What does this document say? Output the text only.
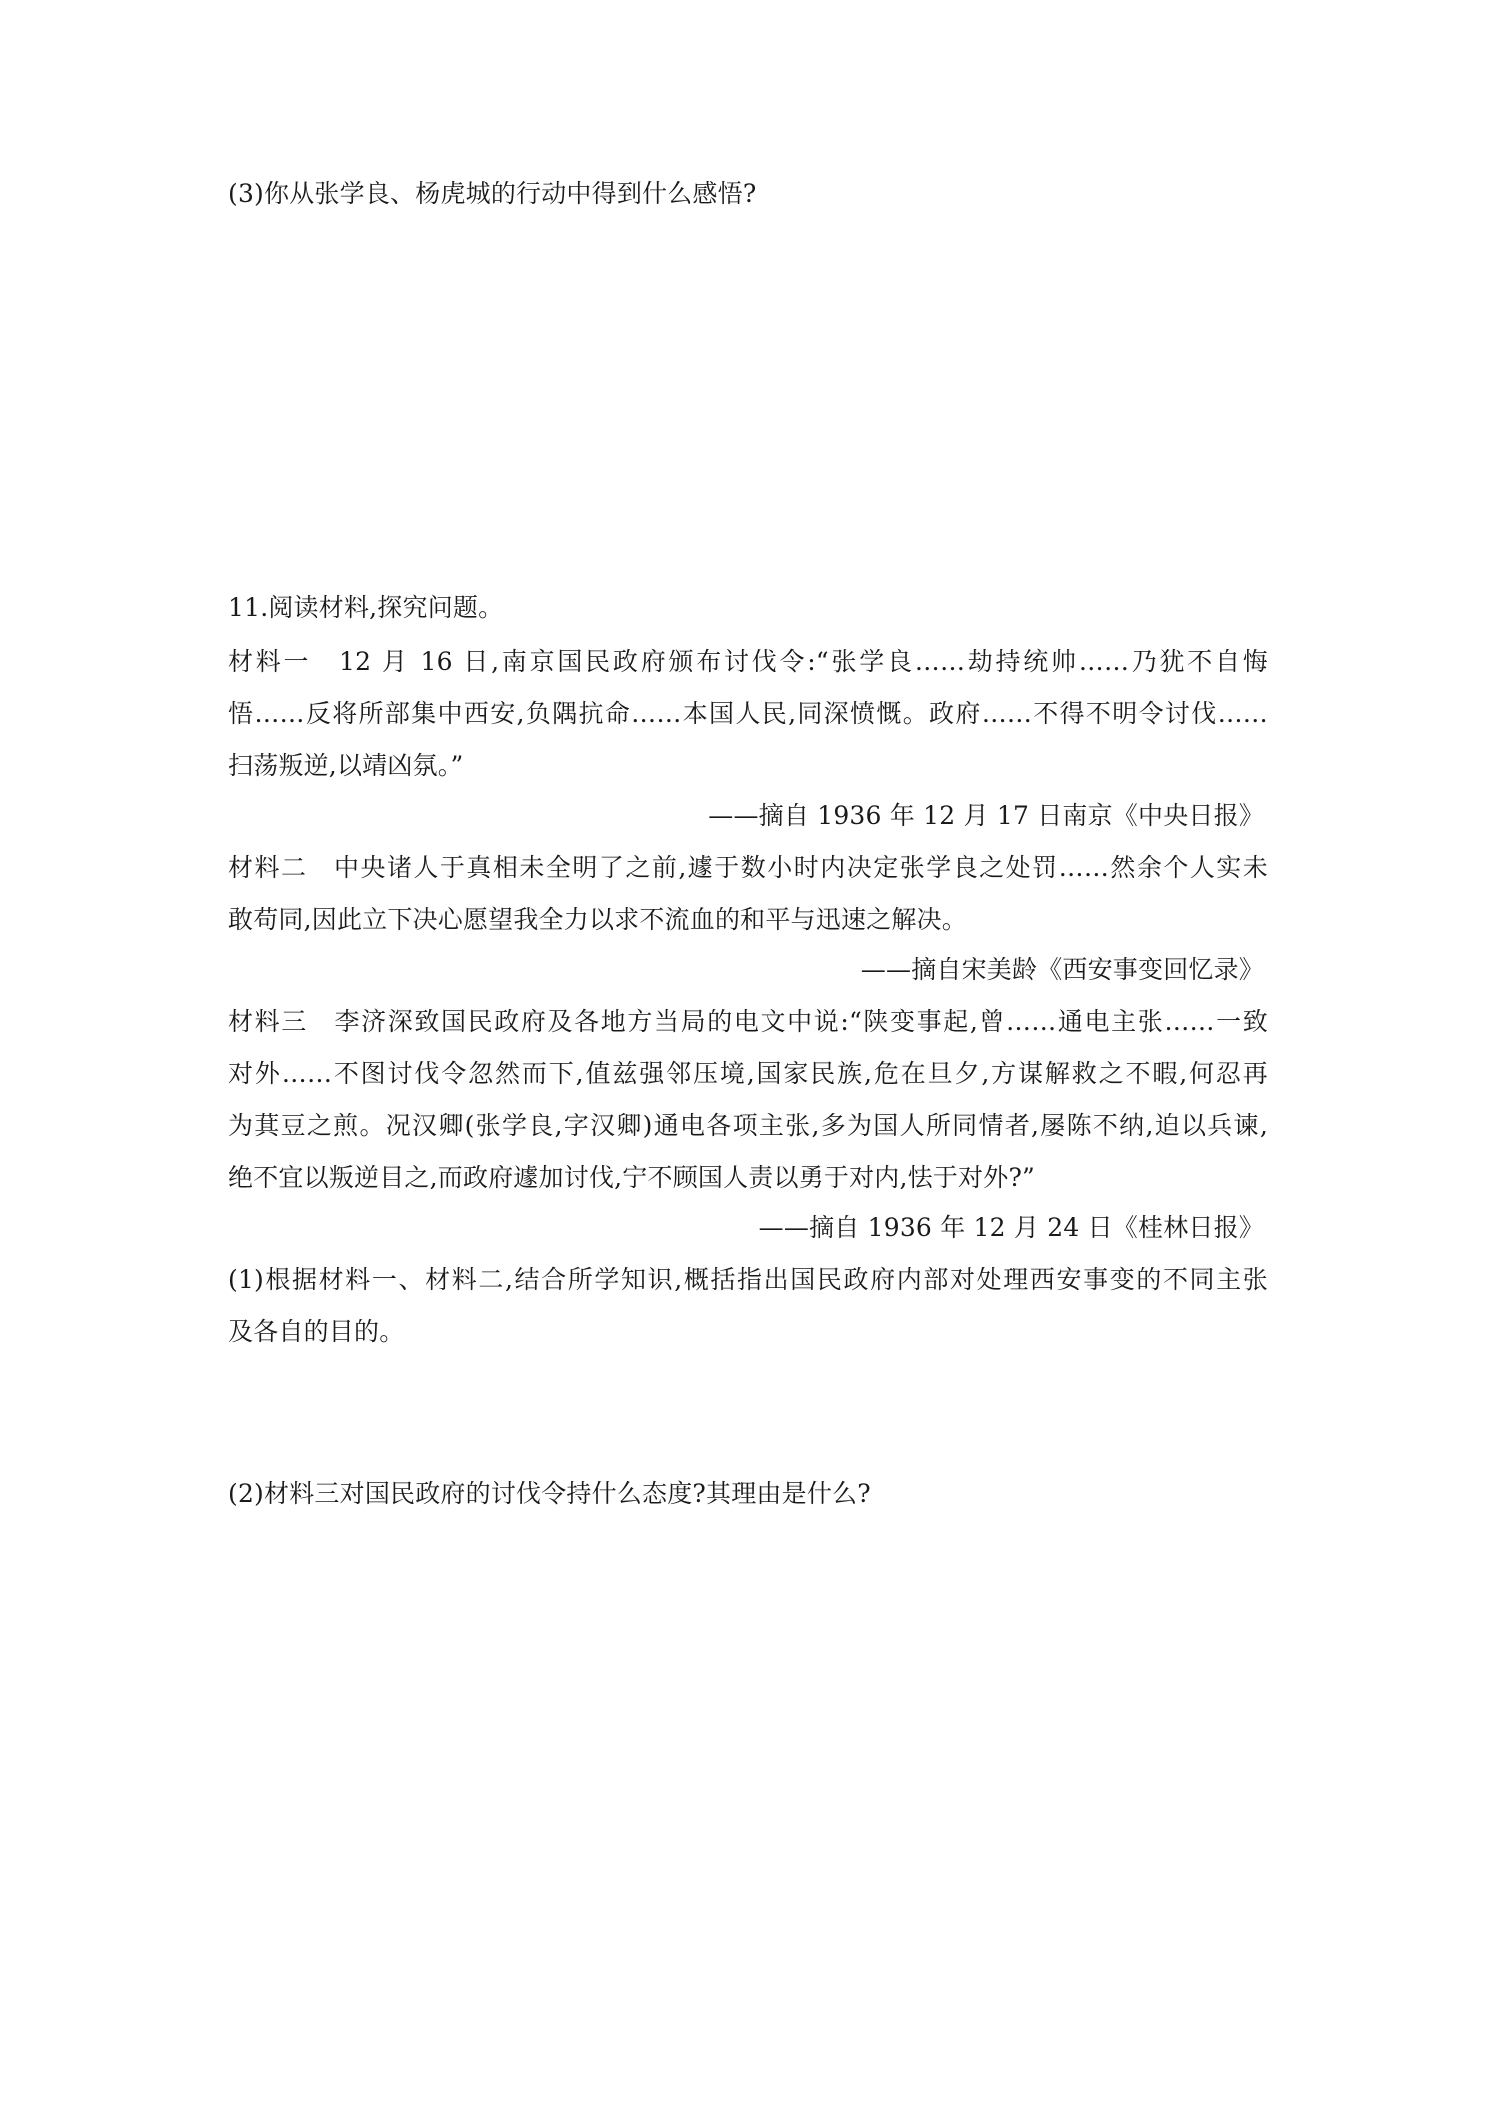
(3)你从张学良、杨虎城的行动中得到什么感悟?
11.阅读材料,探究问题。
材料一　12 月 16 日,南京国民政府颁布讨伐令:“张学良……劫持统帅……乃犹不自悔
悟……反将所部集中西安,负隅抗命……本国人民,同深愤慨。政府……不得不明令讨伐……
扫荡叛逆,以靖凶氛。”
——摘自 1936 年 12 月 17 日南京《中央日报》
材料二　中央诸人于真相未全明了之前,遽于数小时内决定张学良之处罚……然余个人实未
敢苟同,因此立下决心愿望我全力以求不流血的和平与迅速之解决。
——摘自宋美龄《西安事变回忆录》
材料三　李济深致国民政府及各地方当局的电文中说:“陕变事起,曾……通电主张……一致
对外……不图讨伐令忽然而下,值兹强邻压境,国家民族,危在旦夕,方谋解救之不暇,何忍再
为萁豆之煎。况汉卿(张学良,字汉卿)通电各项主张,多为国人所同情者,屡陈不纳,迫以兵谏,
绝不宜以叛逆目之,而政府遽加讨伐,宁不顾国人责以勇于对内,怯于对外?”
——摘自 1936 年 12 月 24 日《桂林日报》
(1)根据材料一、材料二,结合所学知识,概括指出国民政府内部对处理西安事变的不同主张
及各自的目的。
(2)材料三对国民政府的讨伐令持什么态度?其理由是什么?
